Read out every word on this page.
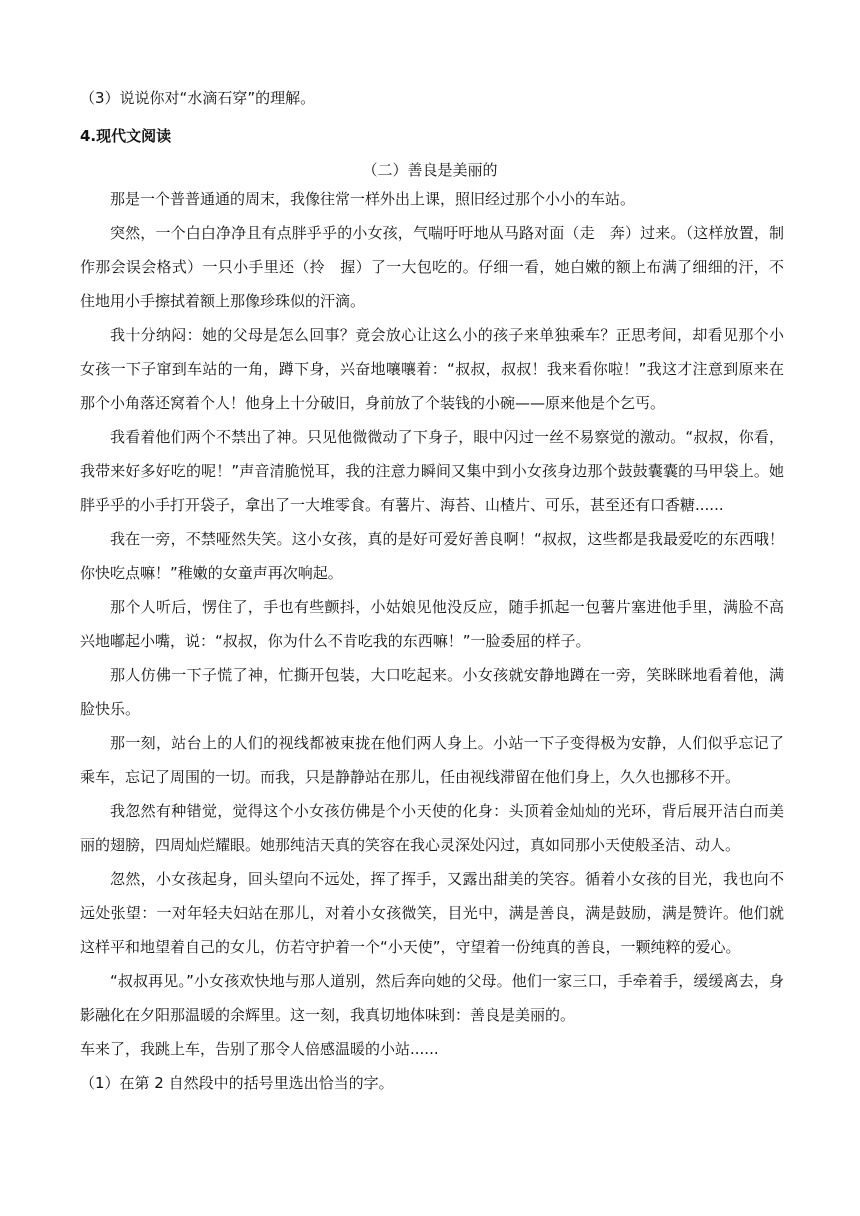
（3）说说你对“水滴石穿”的理解。
4.现代文阅读
（二）善良是美丽的
那是一个普普通通的周末，我像往常一样外出上课，照旧经过那个小小的车站。
突然，一个白白净净且有点胖乎乎的小女孩，气喘吁吁地从马路对面（走　奔）过来。（这样放置，制作那会误会格式）一只小手里还（拎　握）了一大包吃的。仔细一看，她白嫩的额上布满了细细的汗，不住地用小手擦拭着额上那像珍珠似的汗滴。
我十分纳闷：她的父母是怎么回事？竟会放心让这么小的孩子来单独乘车？正思考间，却看见那个小女孩一下子窜到车站的一角，蹲下身，兴奋地嚷嚷着：“叔叔，叔叔！我来看你啦！”我这才注意到原来在那个小角落还窝着个人！他身上十分破旧，身前放了个装钱的小碗——原来他是个乞丐。
我看着他们两个不禁出了神。只见他微微动了下身子，眼中闪过一丝不易察觉的激动。“叔叔，你看，我带来好多好吃的呢！”声音清脆悦耳，我的注意力瞬间又集中到小女孩身边那个鼓鼓囊囊的马甲袋上。她胖乎乎的小手打开袋子，拿出了一大堆零食。有薯片、海苔、山楂片、可乐，甚至还有口香糖......
我在一旁，不禁哑然失笑。这小女孩，真的是好可爱好善良啊！“叔叔，这些都是我最爱吃的东西哦！你快吃点嘛！”稚嫩的女童声再次响起。
那个人听后，愣住了，手也有些颤抖，小姑娘见他没反应，随手抓起一包薯片塞进他手里，满脸不高兴地嘟起小嘴，说：“叔叔，你为什么不肯吃我的东西嘛！”一脸委屈的样子。
那人仿佛一下子慌了神，忙撕开包装，大口吃起来。小女孩就安静地蹲在一旁，笑眯眯地看着他，满脸快乐。
那一刻，站台上的人们的视线都被束拢在他们两人身上。小站一下子变得极为安静，人们似乎忘记了乘车，忘记了周围的一切。而我，只是静静站在那儿，任由视线滞留在他们身上，久久也挪移不开。
我忽然有种错觉，觉得这个小女孩仿佛是个小天使的化身：头顶着金灿灿的光环，背后展开洁白而美丽的翅膀，四周灿烂耀眼。她那纯洁天真的笑容在我心灵深处闪过，真如同那小天使般圣洁、动人。
忽然，小女孩起身，回头望向不远处，挥了挥手，又露出甜美的笑容。循着小女孩的目光，我也向不远处张望：一对年轻夫妇站在那儿，对着小女孩微笑，目光中，满是善良，满是鼓励，满是赞许。他们就这样平和地望着自己的女儿，仿若守护着一个“小天使”，守望着一份纯真的善良，一颗纯粹的爱心。
“叔叔再见。”小女孩欢快地与那人道别，然后奔向她的父母。他们一家三口，手牵着手，缓缓离去，身影融化在夕阳那温暖的余辉里。这一刻，我真切地体味到：善良是美丽的。
车来了，我跳上车，告别了那令人倍感温暖的小站......
（1）在第 2 自然段中的括号里选出恰当的字。
